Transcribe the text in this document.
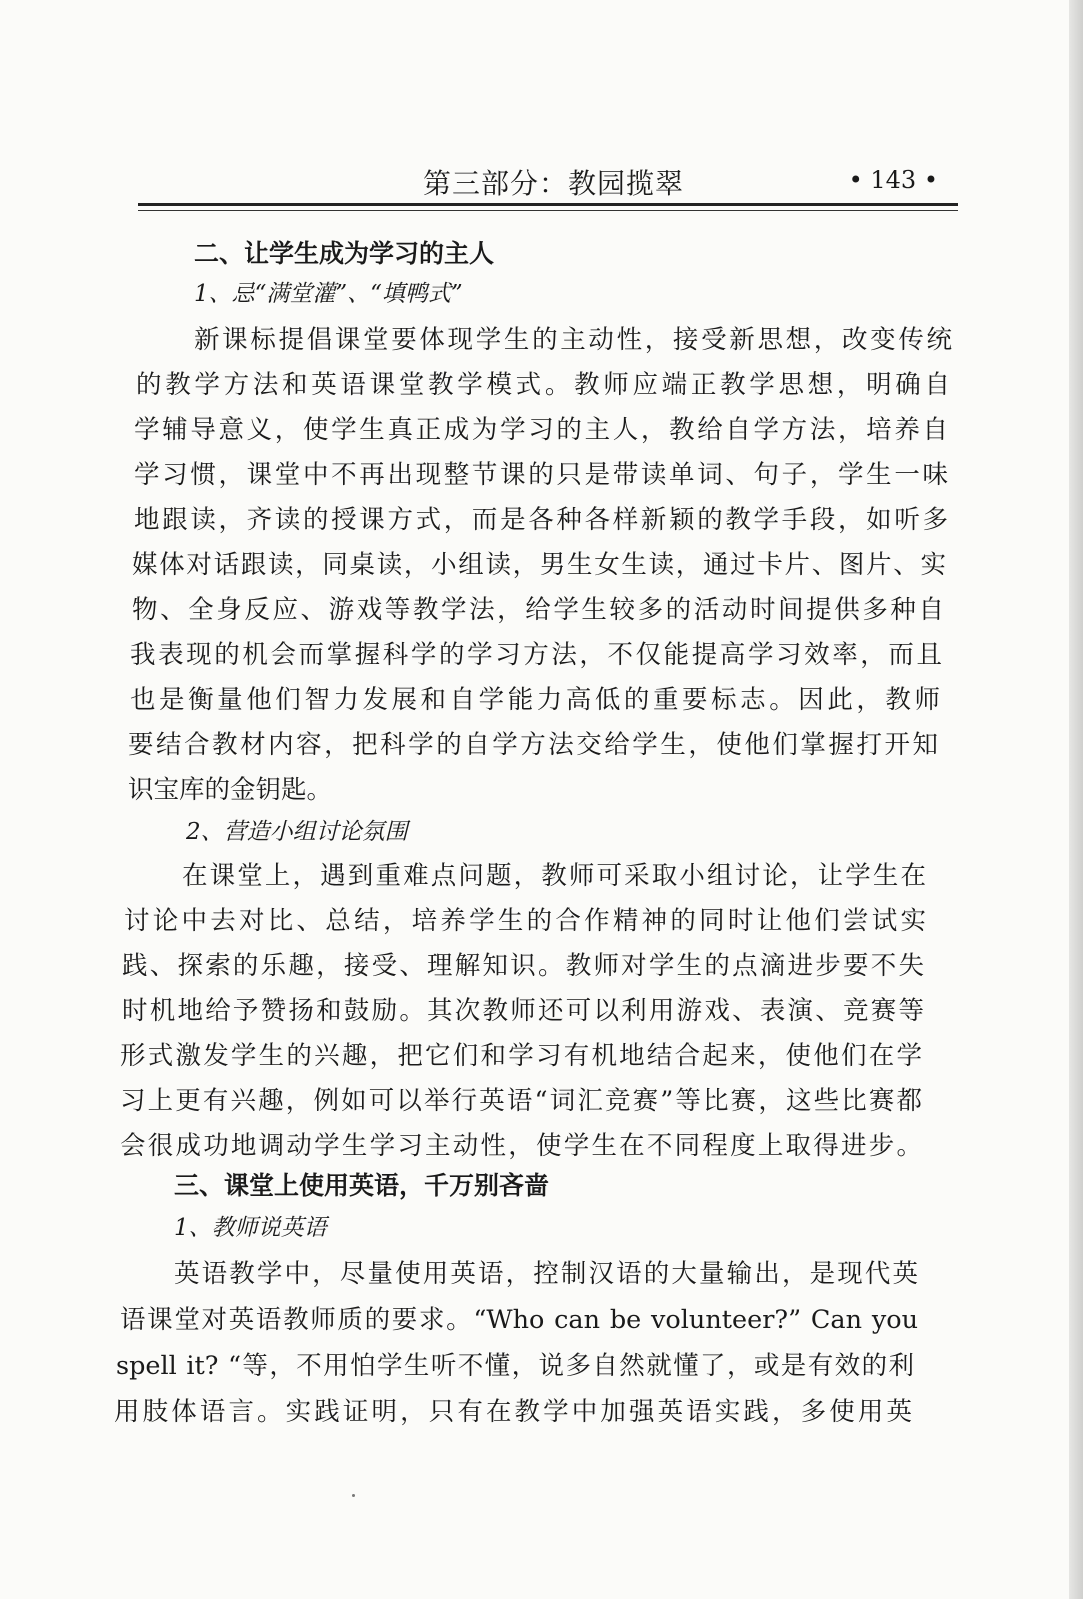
第三部分：教园揽翠	• 143 •
二、让学生成为学习的主人
1、忌“满堂灌”、“填鸭式”
新课标提倡课堂要体现学生的主动性，接受新思想，改变传统
的教学方法和英语课堂教学模式。教师应端正教学思想，明确自
学辅导意义，使学生真正成为学习的主人，教给自学方法，培养自
学习惯，课堂中不再出现整节课的只是带读单词、句子，学生一味
地跟读，齐读的授课方式，而是各种各样新颖的教学手段，如听多
媒体对话跟读，同桌读，小组读，男生女生读，通过卡片、图片、实
物、全身反应、游戏等教学法，给学生较多的活动时间提供多种自
我表现的机会而掌握科学的学习方法，不仅能提高学习效率，而且
也是衡量他们智力发展和自学能力高低的重要标志。因此，教师
要结合教材内容，把科学的自学方法交给学生，使他们掌握打开知
识宝库的金钥匙。
2、营造小组讨论氛围
在课堂上，遇到重难点问题，教师可采取小组讨论，让学生在
讨论中去对比、总结，培养学生的合作精神的同时让他们尝试实
践、探索的乐趣，接受、理解知识。教师对学生的点滴进步要不失
时机地给予赞扬和鼓励。其次教师还可以利用游戏、表演、竞赛等
形式激发学生的兴趣，把它们和学习有机地结合起来，使他们在学
习上更有兴趣，例如可以举行英语“词汇竞赛”等比赛，这些比赛都
会很成功地调动学生学习主动性，使学生在不同程度上取得进步。
三、课堂上使用英语，千万别吝啬
1、教师说英语
英语教学中，尽量使用英语，控制汉语的大量输出，是现代英
语课堂对英语教师质的要求。“Who can be volunteer?” Can you
spell it? “等，不用怕学生听不懂，说多自然就懂了，或是有效的利
用肢体语言。实践证明，只有在教学中加强英语实践，多使用英
